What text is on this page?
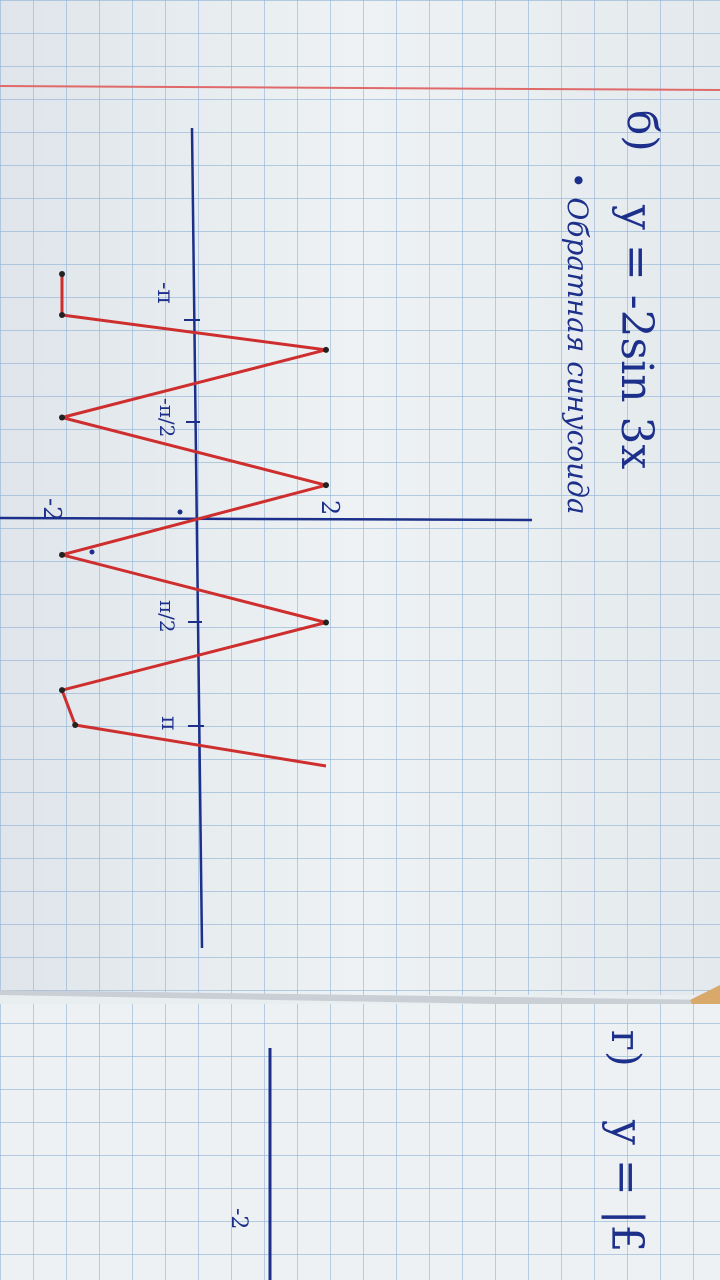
-2
г)
y = |£
б)
y = -2sin 3x
• Обратная синусоида
-π
-π/2
π/2
π
2
-2
